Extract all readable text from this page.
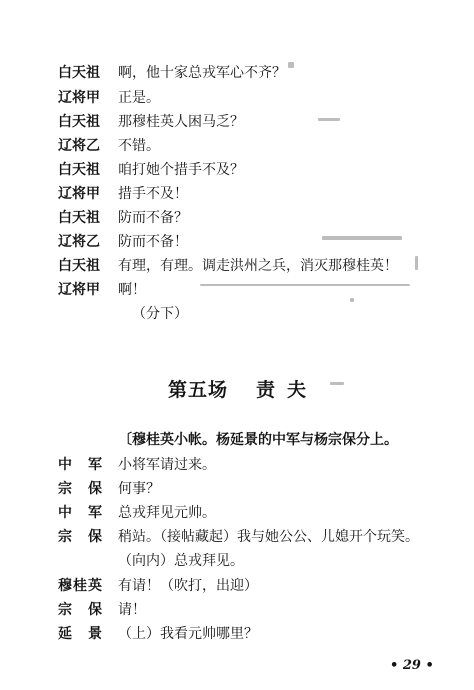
白天祖 啊，他十家总戎军心不齐？
辽将甲 正是。
白天祖 那穆桂英人困马乏？
辽将乙 不错。
白天祖 咱打她个措手不及？
辽将甲 措手不及！
白天祖 防而不备？
辽将乙 防而不备！
白天祖 有理，有理。调走洪州之兵，消灭那穆桂英！
辽将甲 啊！
（分下）
第五场 责夫
〔穆桂英小帐。杨延景的中军与杨宗保分上。
中军 小将军请过来。
宗保 何事？
中军 总戎拜见元帅。
宗保 稍站。（接帖藏起）我与她公公、儿媳开个玩笑。
（向内）总戎拜见。
穆桂英 有请！（吹打，出迎）
宗保 请！
延景 （上）我看元帅哪里？
• 29 •
